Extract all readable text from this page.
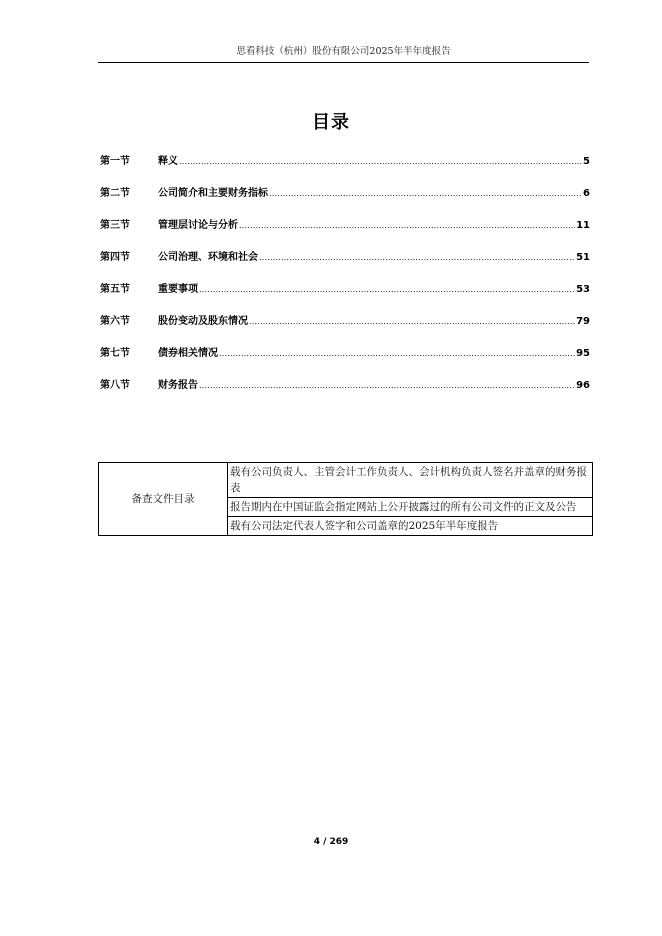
思看科技（杭州）股份有限公司2025年半年度报告
目录
第一节	释义 .....	5
第二节	公司简介和主要财务指标 .....	6
第三节	管理层讨论与分析 .....	11
第四节	公司治理、环境和社会 .....	51
第五节	重要事项 .....	53
第六节	股份变动及股东情况 .....	79
第七节	债券相关情况 .....	95
第八节	财务报告 .....	96
备查文件目录	载有公司负责人、主管会计工作负责人、会计机构负责人签名并盖章的财务报表
报告期内在中国证监会指定网站上公开披露过的所有公司文件的正文及公告
载有公司法定代表人签字和公司盖章的2025年半年度报告
4 / 269
